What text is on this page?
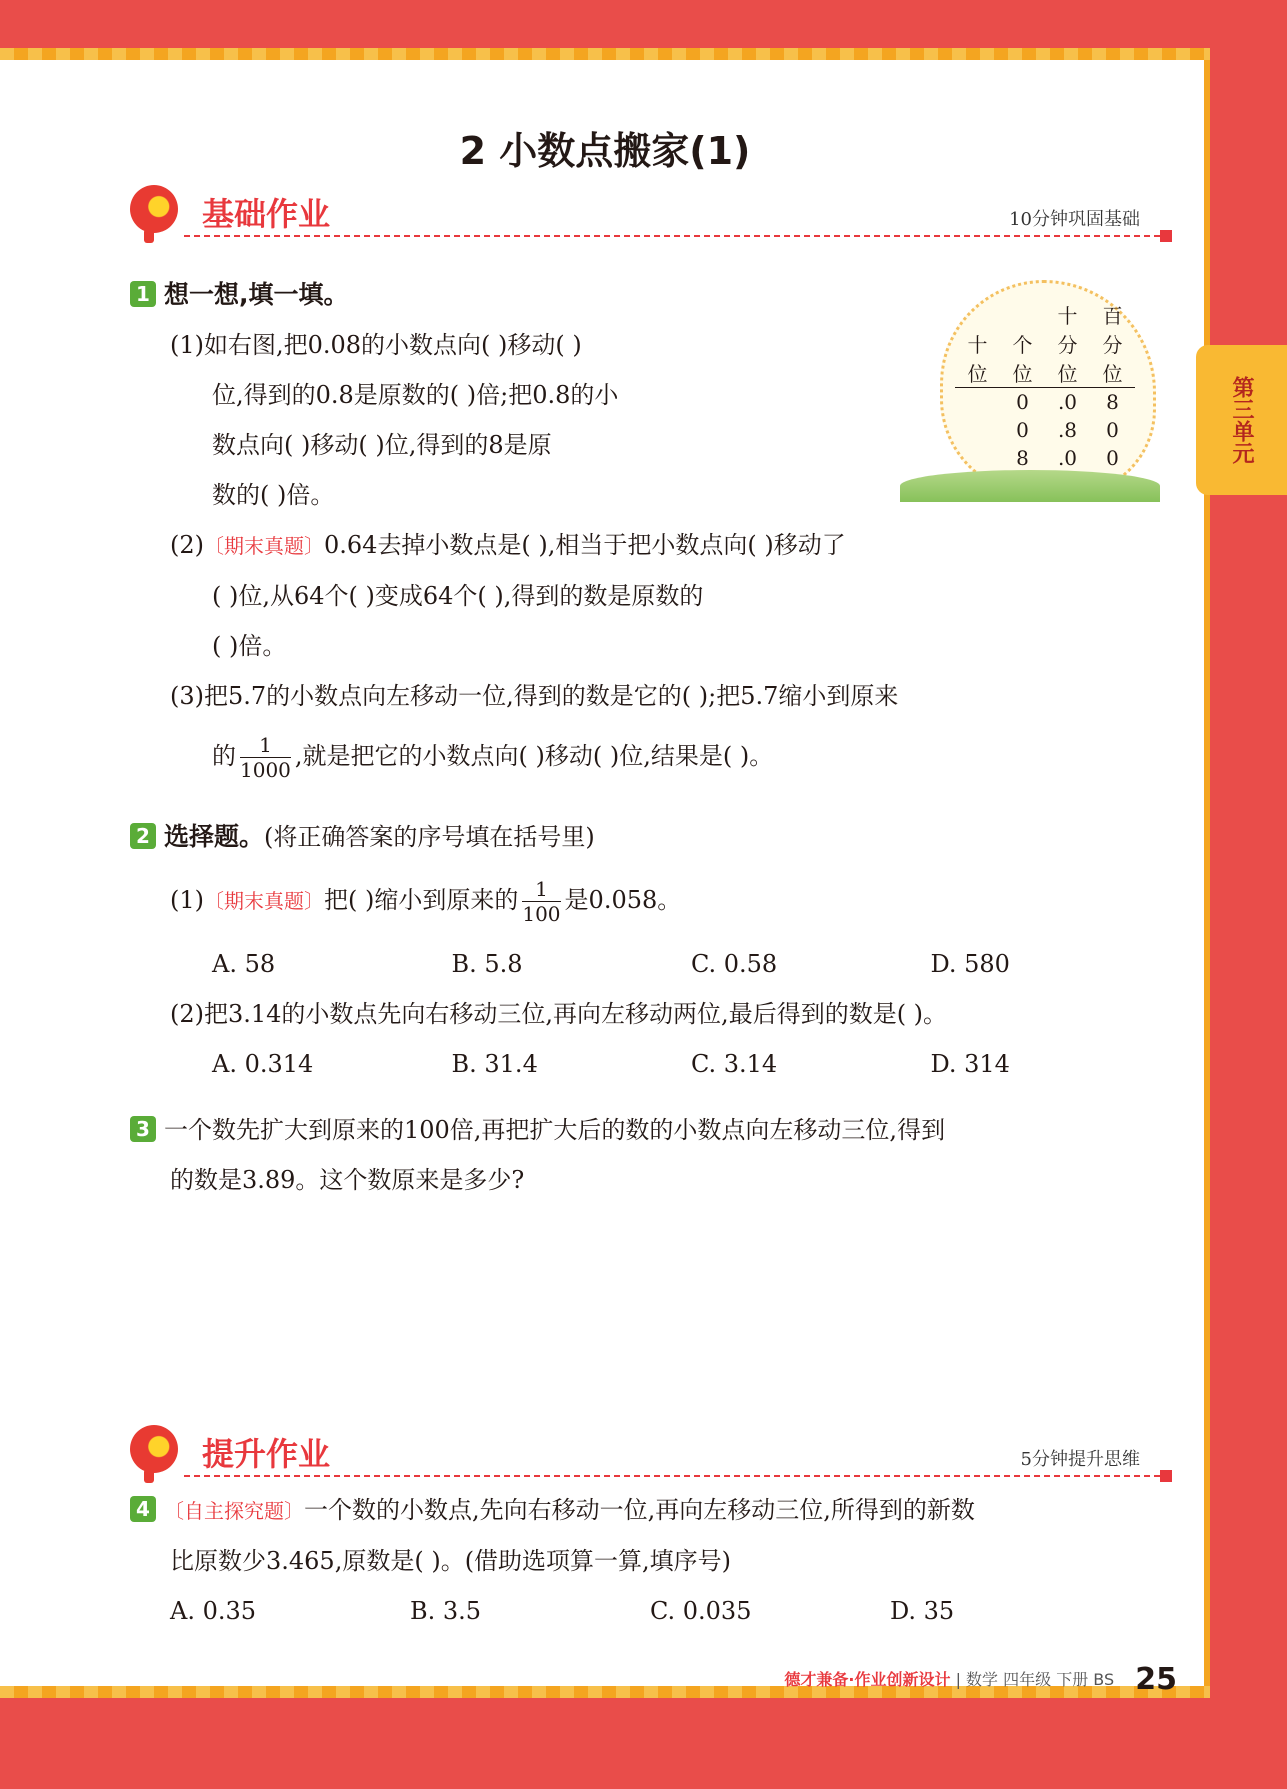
2 小数点搬家(1)
第三单元
基础作业	10分钟巩固基础
		十	百
十	个	分	分
位	位	位	位
	0	.0	8
	0	.8	0
	8	.0	0
1 想一想,填一填。
(1)如右图,把0.08的小数点向( )移动( )
位,得到的0.8是原数的( )倍;把0.8的小
数点向( )移动( )位,得到的8是原
数的( )倍。
(2)〔期末真题〕0.64去掉小数点是( ),相当于把小数点向( )移动了
( )位,从64个( )变成64个( ),得到的数是原数的
( )倍。
(3)把5.7的小数点向左移动一位,得到的数是它的( );把5.7缩小到原来
的 $\frac{1}{1000}$ ,就是把它的小数点向( )移动( )位,结果是( )。
2 选择题。(将正确答案的序号填在括号里)
(1)〔期末真题〕把( )缩小到原来的 $\frac{1}{100}$ 是0.058。
A. 58	B. 5.8	C. 0.58	D. 580
(2)把3.14的小数点先向右移动三位,再向左移动两位,最后得到的数是( )。
A. 0.314	B. 31.4	C. 3.14	D. 314
3 一个数先扩大到原来的100倍,再把扩大后的数的小数点向左移动三位,得到
的数是3.89。这个数原来是多少?
提升作业	5分钟提升思维
4 〔自主探究题〕一个数的小数点,先向右移动一位,再向左移动三位,所得到的新数
比原数少3.465,原数是( )。(借助选项算一算,填序号)
A. 0.35	B. 3.5	C. 0.035	D. 35
德才兼备·作业创新设计 | 数学 四年级 下册 BS 25
